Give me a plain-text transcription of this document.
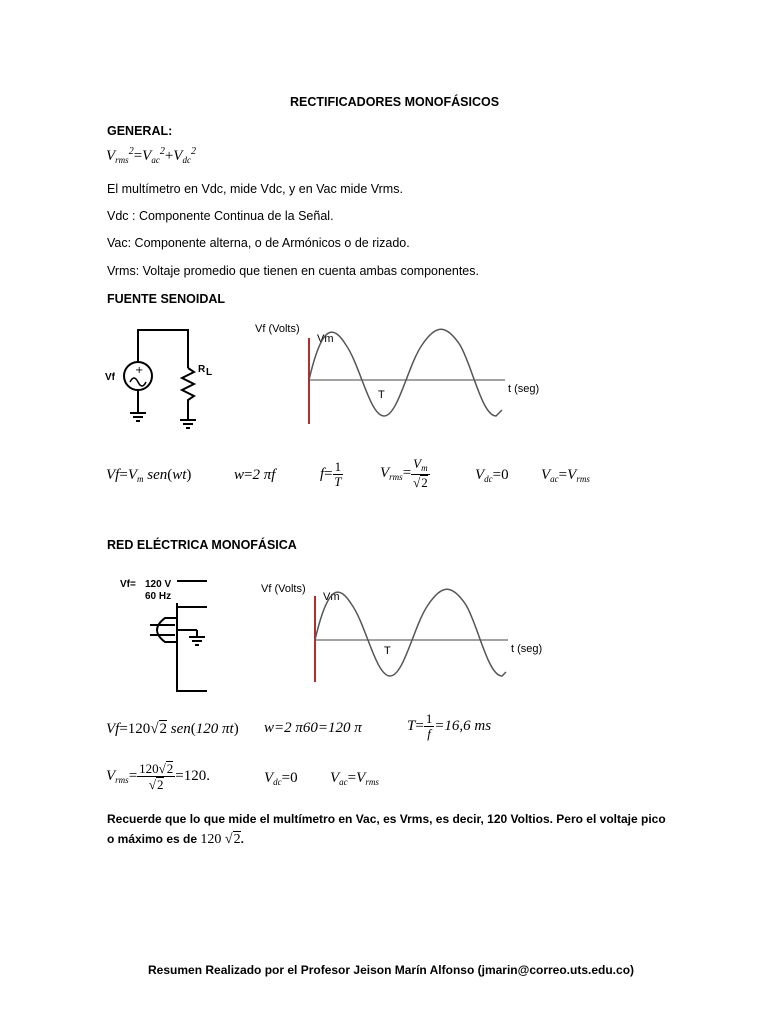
RECTIFICADORES MONOFÁSICOS
GENERAL:
$V_{rms}^2=V_{ac}^2+V_{dc}^2$
El multímetro en Vdc, mide Vdc, y en Vac mide Vrms.
Vdc : Componente Continua de la Señal.
Vac: Componente alterna, o de Armónicos o de rizado.
Vrms: Voltaje promedio que tienen en cuenta ambas componentes.
FUENTE SENOIDAL
+
Vf
R L
Vf (Volts)
Vm
T	t (seg)
$Vf=V_m$ sen(wt)	w=2 πf	$f= \frac{1}{T} V_{rms}= \frac{V_m}{√2}$	$V_{dc}=0$ $V_{ac}=V_{rms}$
RED ELÉCTRICA MONOFÁSICA
Vf= 120 V
60 Hz
Vf (Volts)
Vm
T	t (seg)
Vf=120√2 sen(120 πt) w=2 π60=120 π	$T= \frac{1}{f} =16,6$ ms
$V_{rms}= \frac{120√2}{√2} =120$.	$V_{dc}=0$ $V_{ac}=V_{rms}$
Recuerde que lo que mide el multímetro en Vac, es Vrms, es decir, 120 Voltios. Pero el voltaje pico
o máximo es de 120 √2.
Resumen Realizado por el Profesor Jeison Marín Alfonso (jmarin@correo.uts.edu.co)
